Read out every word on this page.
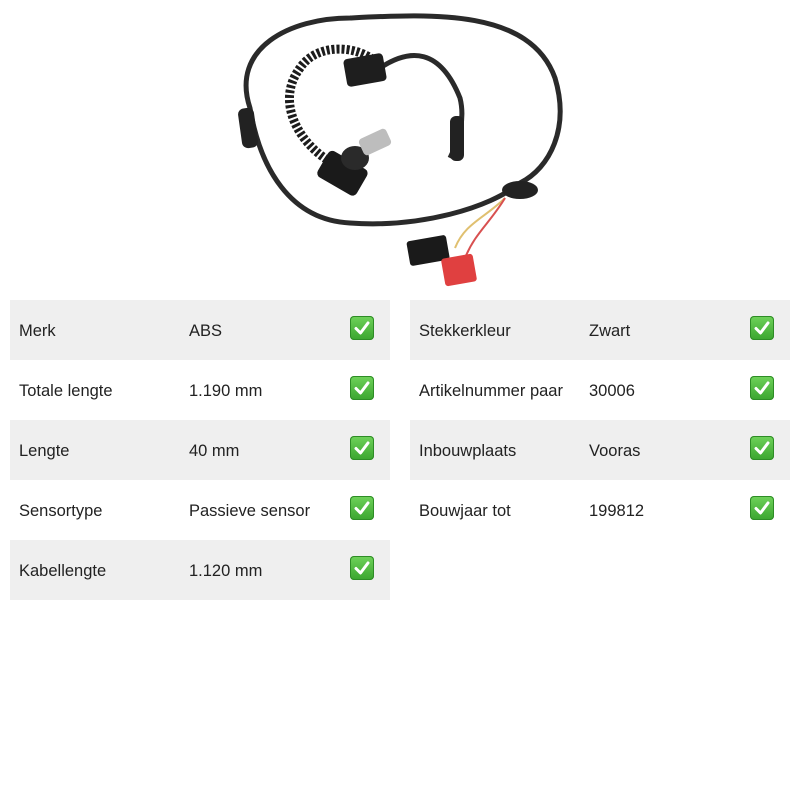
Merk	ABS
Totale lengte	1.190 mm
Lengte	40 mm
Sensortype	Passieve sensor
Kabellengte	1.120 mm
Stekkerkleur	Zwart
Artikelnummer paar 30006
Inbouwplaats	Vooras
Bouwjaar tot	199812
